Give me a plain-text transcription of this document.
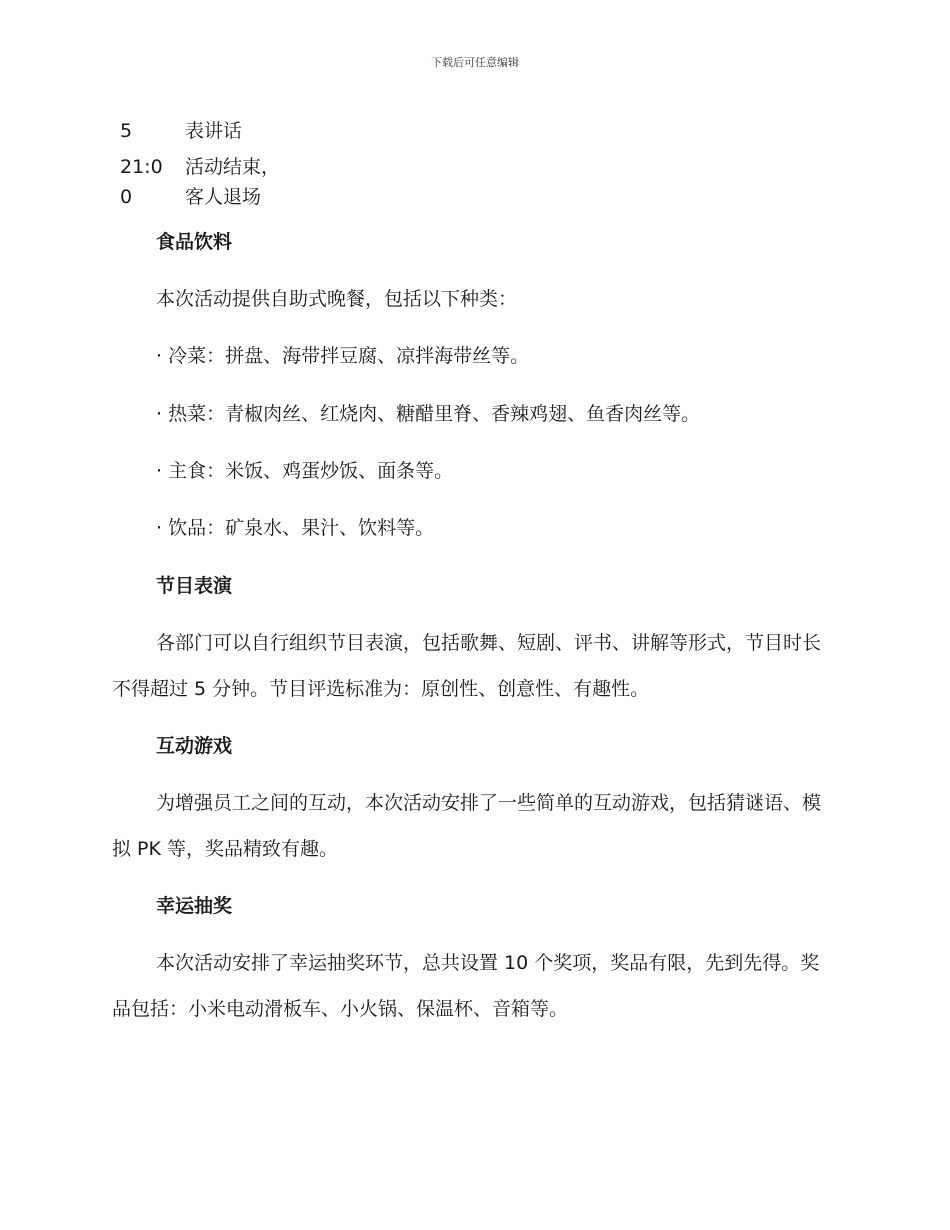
下载后可任意编辑
5	表讲话
21:0	活动结束，
0	客人退场
食品饮料
本次活动提供自助式晚餐，包括以下种类：
· 冷菜：拼盘、海带拌豆腐、凉拌海带丝等。
· 热菜：青椒肉丝、红烧肉、糖醋里脊、香辣鸡翅、鱼香肉丝等。
· 主食：米饭、鸡蛋炒饭、面条等。
· 饮品：矿泉水、果汁、饮料等。
节目表演
各部门可以自行组织节目表演，包括歌舞、短剧、评书、讲解等形式，节目时长不得超过 5 分钟。节目评选标准为：原创性、创意性、有趣性。
互动游戏
为增强员工之间的互动，本次活动安排了一些简单的互动游戏，包括猜谜语、模拟 PK 等，奖品精致有趣。
幸运抽奖
本次活动安排了幸运抽奖环节，总共设置 10 个奖项，奖品有限，先到先得。奖品包括：小米电动滑板车、小火锅、保温杯、音箱等。
